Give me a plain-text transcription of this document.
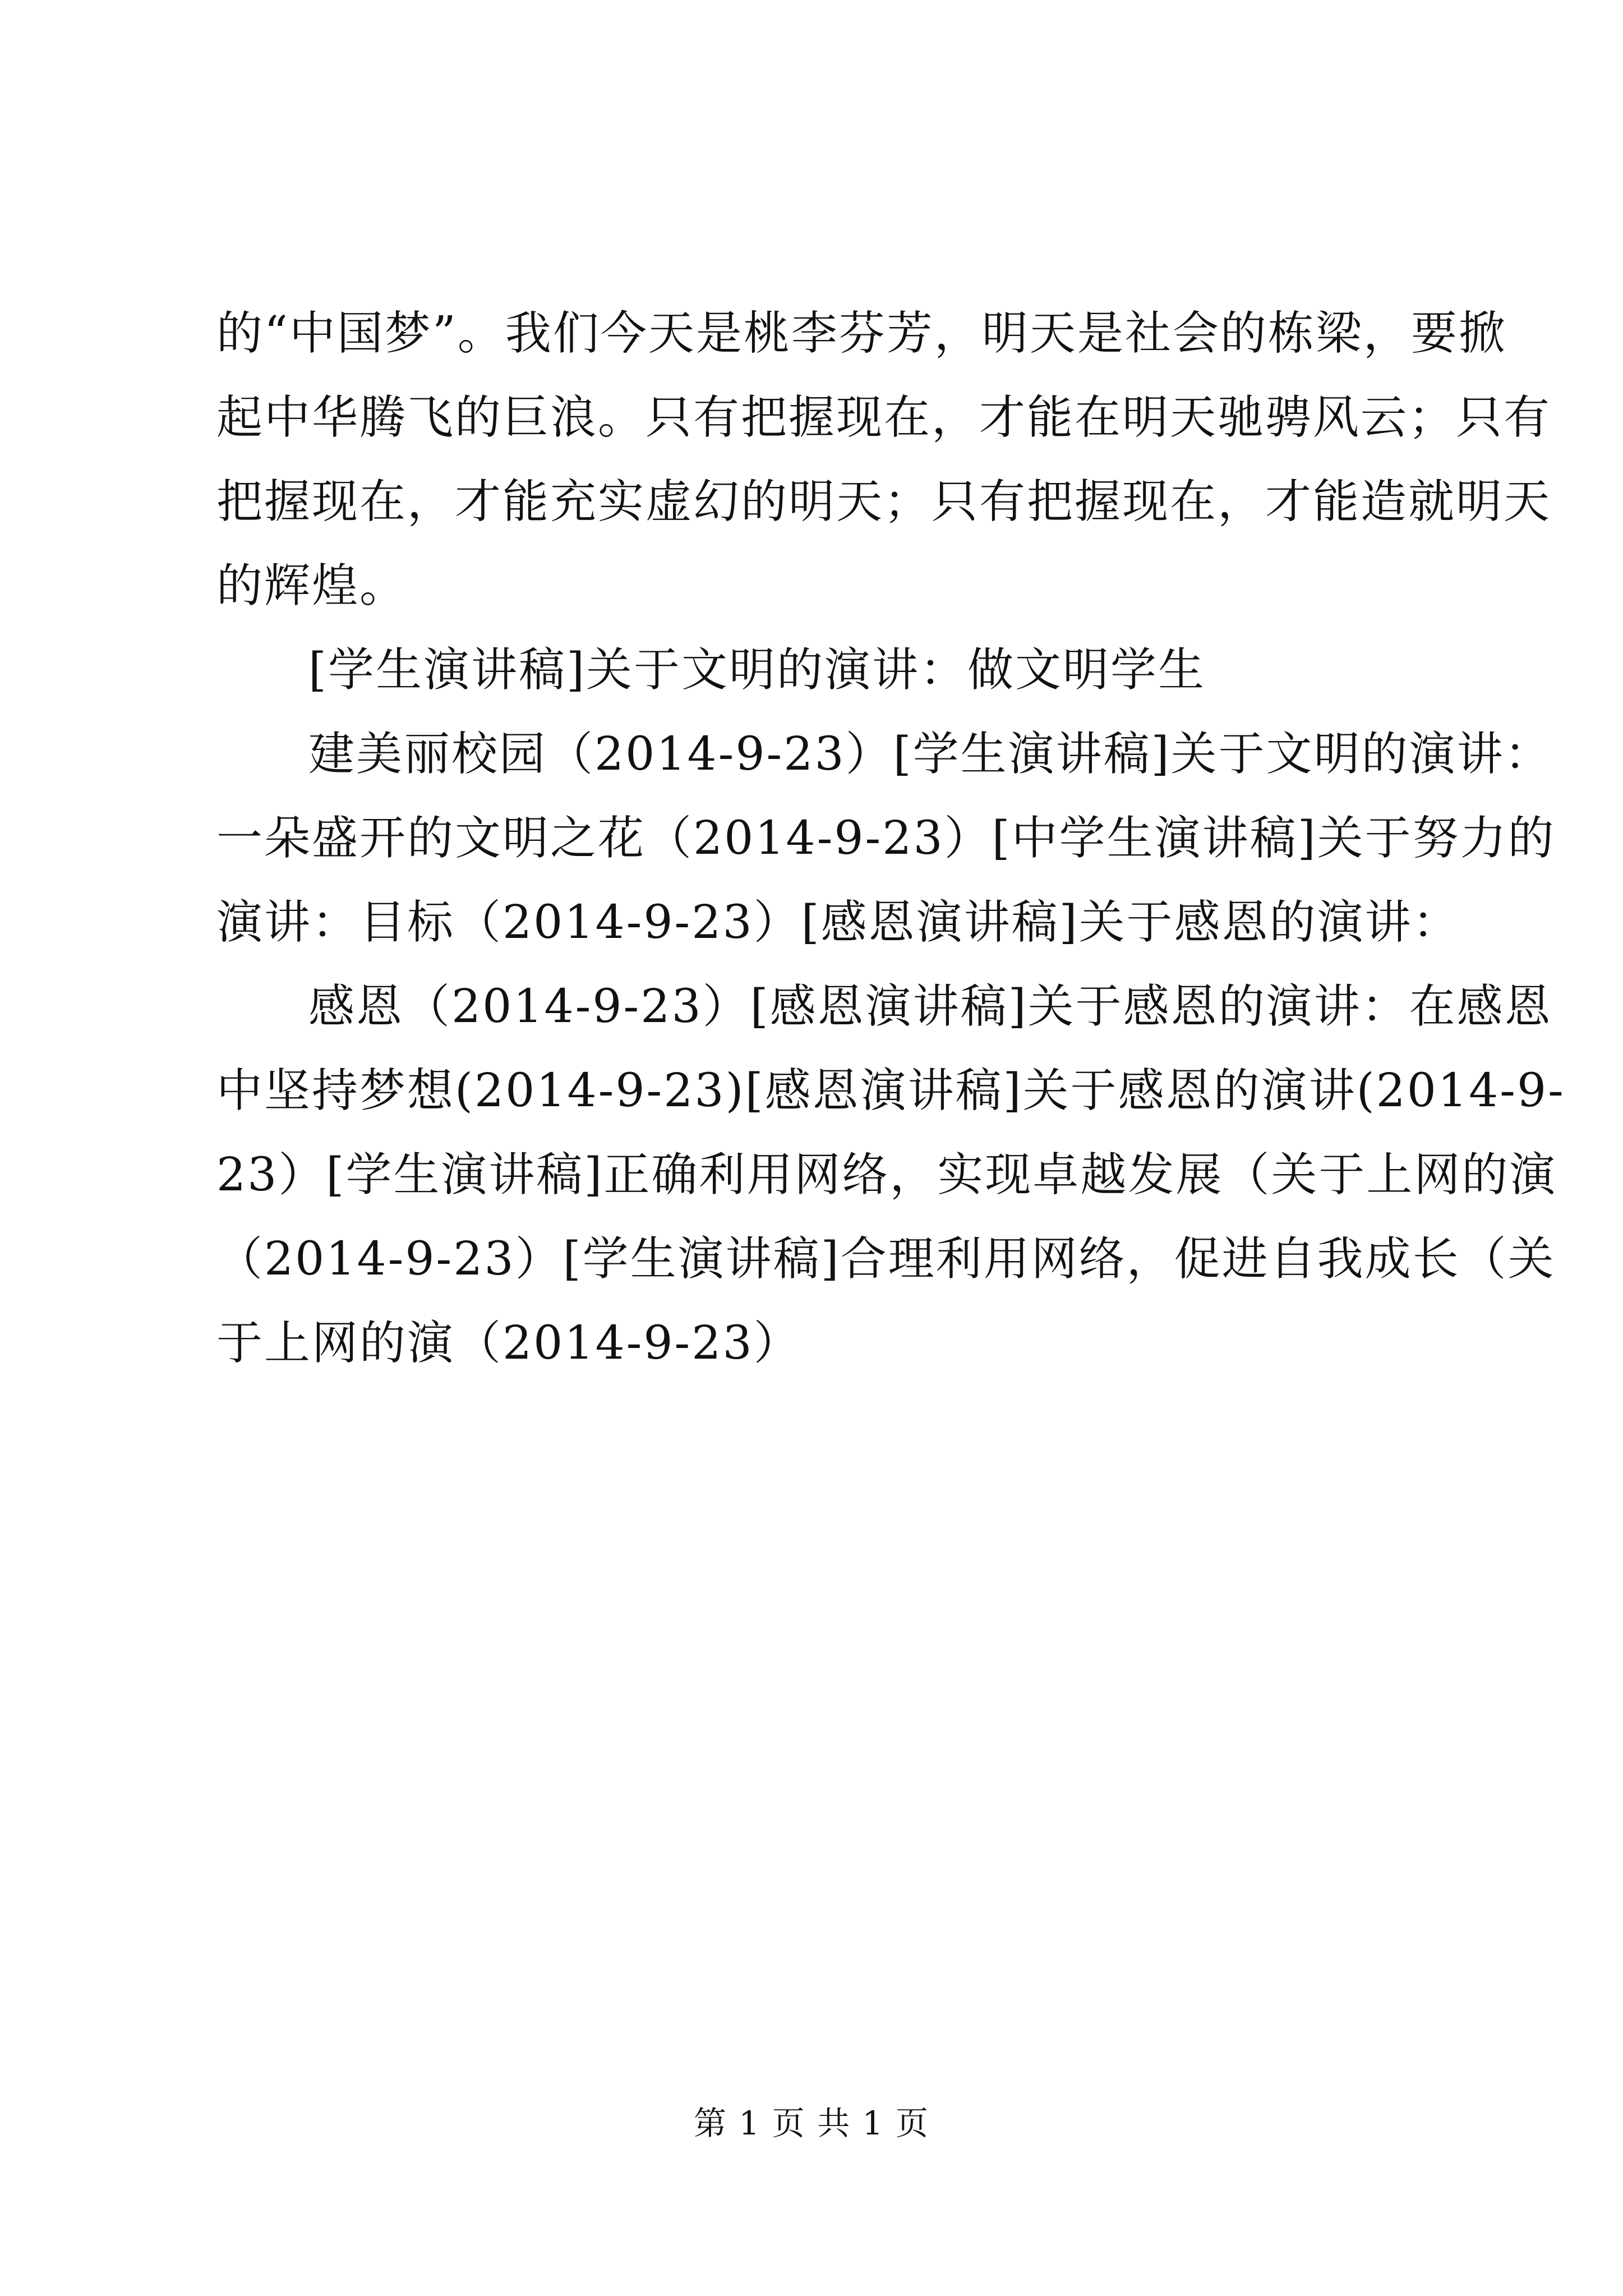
的“中国梦”。我们今天是桃李芬芳，明天是社会的栋梁，要掀

起中华腾飞的巨浪。只有把握现在，才能在明天驰骋风云；只有

把握现在，才能充实虚幻的明天；只有把握现在，才能造就明天

的辉煌。

[学生演讲稿]关于文明的演讲：做文明学生

建美丽校园（2014-9-23）[学生演讲稿]关于文明的演讲：

一朵盛开的文明之花（2014-9-23）[中学生演讲稿]关于努力的

演讲：目标（2014-9-23）[感恩演讲稿]关于感恩的演讲：

感恩（2014-9-23）[感恩演讲稿]关于感恩的演讲：在感恩

中坚持梦想(2014-9-23)[感恩演讲稿]关于感恩的演讲(2014-9-

23）[学生演讲稿]正确利用网络，实现卓越发展（关于上网的演

（2014-9-23）[学生演讲稿]合理利用网络，促进自我成长（关

于上网的演（2014-9-23）

第 1 页 共 1 页
